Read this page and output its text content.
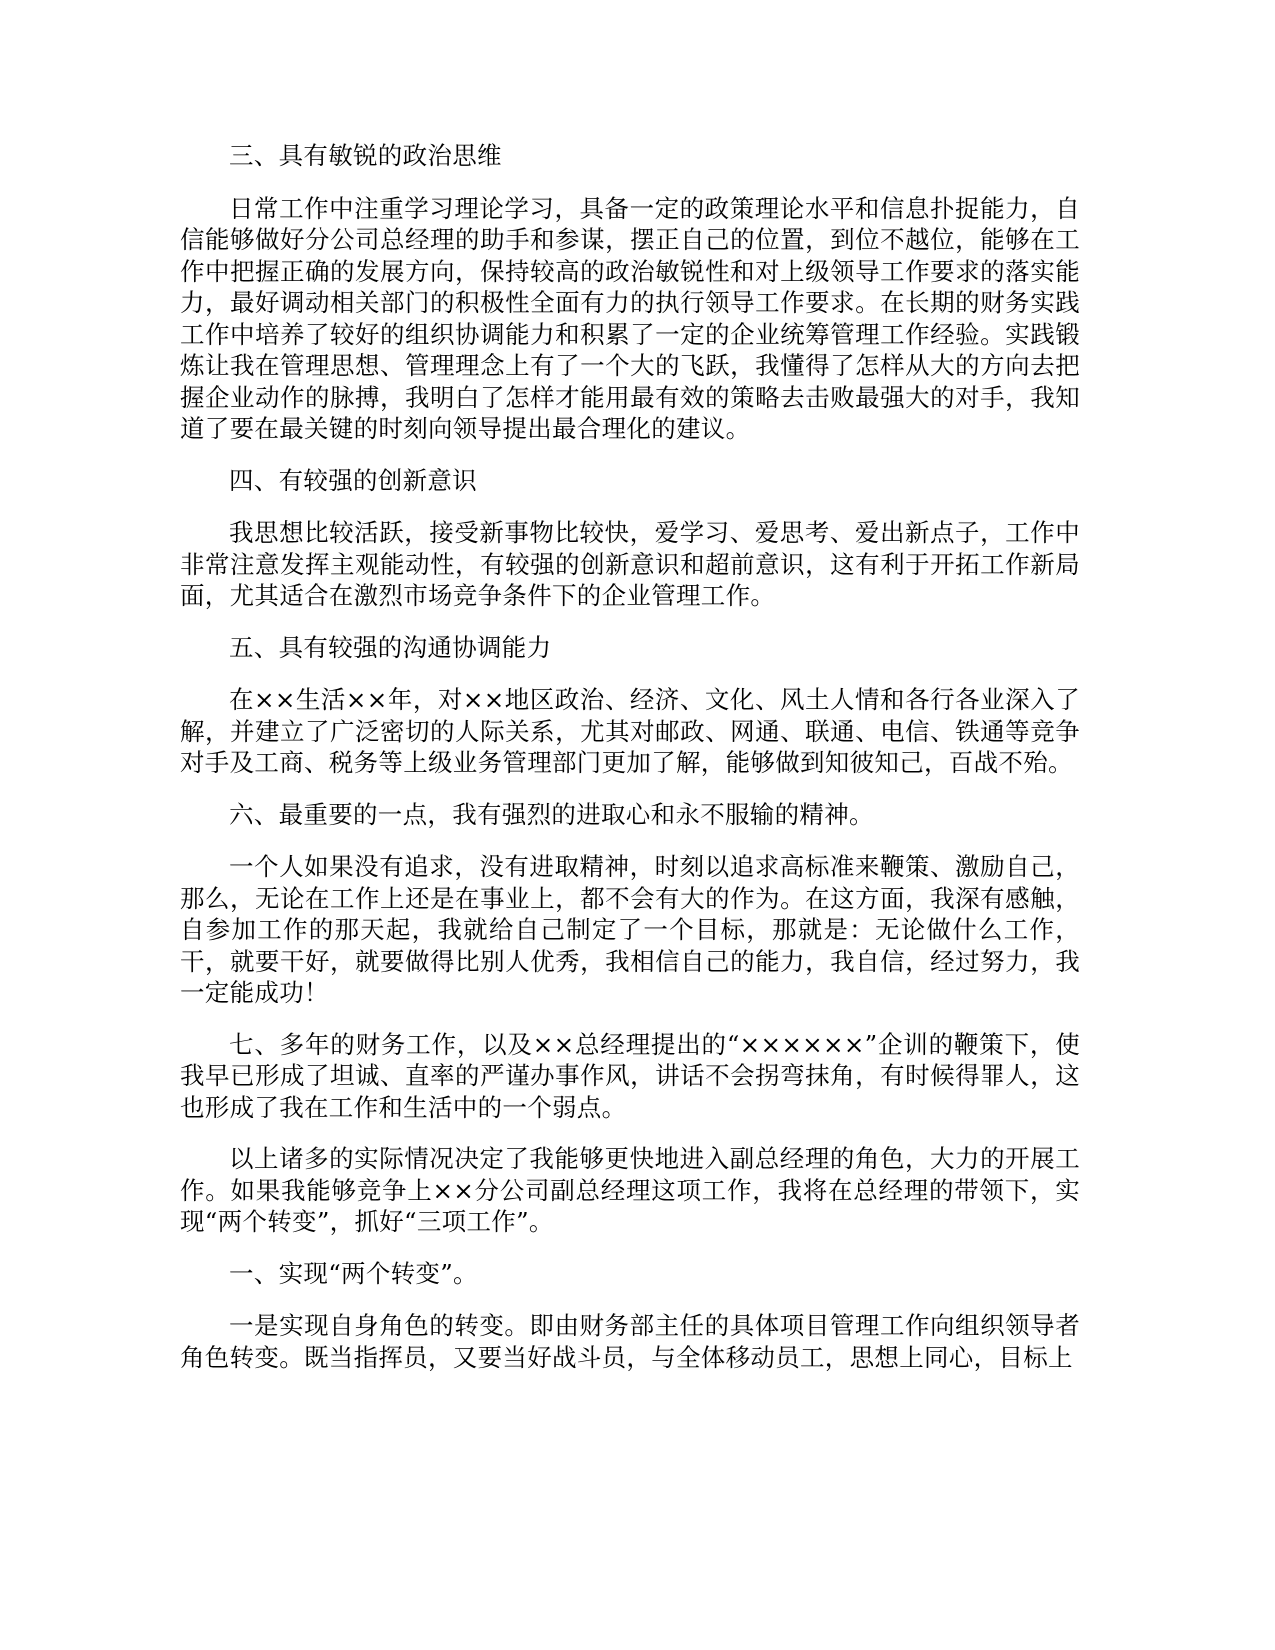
三、具有敏锐的政治思维

日常工作中注重学习理论学习，具备一定的政策理论水平和信息扑捉能力，自信能够做好分公司总经理的助手和参谋，摆正自己的位置，到位不越位，能够在工作中把握正确的发展方向，保持较高的政治敏锐性和对上级领导工作要求的落实能力，最好调动相关部门的积极性全面有力的执行领导工作要求。在长期的财务实践工作中培养了较好的组织协调能力和积累了一定的企业统筹管理工作经验。实践锻炼让我在管理思想、管理理念上有了一个大的飞跃，我懂得了怎样从大的方向去把握企业动作的脉搏，我明白了怎样才能用最有效的策略去击败最强大的对手，我知道了要在最关键的时刻向领导提出最合理化的建议。

四、有较强的创新意识

我思想比较活跃，接受新事物比较快，爱学习、爱思考、爱出新点子，工作中非常注意发挥主观能动性，有较强的创新意识和超前意识，这有利于开拓工作新局面，尤其适合在激烈市场竞争条件下的企业管理工作。

五、具有较强的沟通协调能力

在××生活××年，对××地区政治、经济、文化、风土人情和各行各业深入了解，并建立了广泛密切的人际关系，尤其对邮政、网通、联通、电信、铁通等竞争对手及工商、税务等上级业务管理部门更加了解，能够做到知彼知己，百战不殆。

六、最重要的一点，我有强烈的进取心和永不服输的精神。

一个人如果没有追求，没有进取精神，时刻以追求高标准来鞭策、激励自己，那么，无论在工作上还是在事业上，都不会有大的作为。在这方面，我深有感触，自参加工作的那天起，我就给自己制定了一个目标，那就是：无论做什么工作，干，就要干好，就要做得比别人优秀，我相信自己的能力，我自信，经过努力，我一定能成功！

七、多年的财务工作，以及××总经理提出的“××××××”企训的鞭策下，使我早已形成了坦诚、直率的严谨办事作风，讲话不会拐弯抹角，有时候得罪人，这也形成了我在工作和生活中的一个弱点。

以上诸多的实际情况决定了我能够更快地进入副总经理的角色，大力的开展工作。如果我能够竞争上××分公司副总经理这项工作，我将在总经理的带领下，实现“两个转变”，抓好“三项工作”。

一、实现“两个转变”。

一是实现自身角色的转变。即由财务部主任的具体项目管理工作向组织领导者角色转变。既当指挥员，又要当好战斗员，与全体移动员工，思想上同心，目标上
